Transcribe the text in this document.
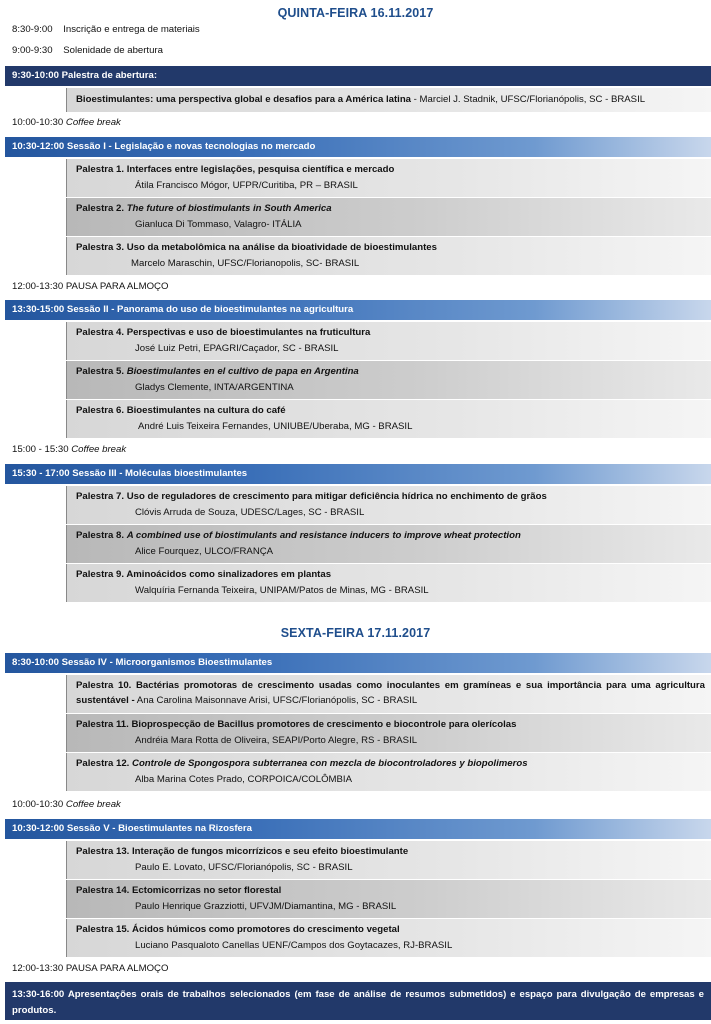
QUINTA-FEIRA 16.11.2017
8:30-9:00 Inscrição e entrega de materiais
9:00-9:30 Solenidade de abertura
9:30-10:00 Palestra de abertura:
Bioestimulantes: uma perspectiva global e desafios para a América latina - Marciel J. Stadnik, UFSC/Florianópolis, SC - BRASIL
10:00-10:30 Coffee break
10:30-12:00 Sessão I - Legislação e novas tecnologias no mercado
Palestra 1. Interfaces entre legislações, pesquisa científica e mercado
Átila Francisco Mógor, UFPR/Curitiba, PR – BRASIL
Palestra 2. The future of biostimulants in South America
Gianluca Di Tommaso, Valagro- ITÁLIA
Palestra 3. Uso da metabolômica na análise da bioatividade de bioestimulantes
Marcelo Maraschin, UFSC/Florianopolis, SC- BRASIL
12:00-13:30 PAUSA PARA ALMOÇO
13:30-15:00 Sessão II - Panorama do uso de bioestimulantes na agricultura
Palestra 4. Perspectivas e uso de bioestimulantes na fruticultura
José Luiz Petri, EPAGRI/Caçador, SC - BRASIL
Palestra 5. Bioestimulantes en el cultivo de papa en Argentina
Gladys Clemente, INTA/ARGENTINA
Palestra 6. Bioestimulantes na cultura do café
André Luis Teixeira Fernandes, UNIUBE/Uberaba, MG - BRASIL
15:00 - 15:30 Coffee break
15:30 - 17:00 Sessão III - Moléculas bioestimulantes
Palestra 7. Uso de reguladores de crescimento para mitigar deficiência hídrica no enchimento de grãos
Clóvis Arruda de Souza, UDESC/Lages, SC - BRASIL
Palestra 8. A combined use of biostimulants and resistance inducers to improve wheat protection
Alice Fourquez, ULCO/FRANÇA
Palestra 9. Aminoácidos como sinalizadores em plantas
Walquíria Fernanda Teixeira, UNIPAM/Patos de Minas, MG - BRASIL
SEXTA-FEIRA 17.11.2017
8:30-10:00 Sessão IV - Microorganismos Bioestimulantes
Palestra 10. Bactérias promotoras de crescimento usadas como inoculantes em gramíneas e sua importância para uma agricultura sustentável - Ana Carolina Maisonnave Arisi, UFSC/Florianópolis, SC - BRASIL
Palestra 11. Bioprospecção de Bacillus promotores de crescimento e biocontrole para olerícolas
Andréia Mara Rotta de Oliveira, SEAPI/Porto Alegre, RS - BRASIL
Palestra 12. Controle de Spongospora subterranea con mezcla de biocontroladores y biopolimeros
Alba Marina Cotes Prado, CORPOICA/COLÔMBIA
10:00-10:30 Coffee break
10:30-12:00 Sessão V - Bioestimulantes na Rizosfera
Palestra 13. Interação de fungos micorrízicos e seu efeito bioestimulante
Paulo E. Lovato, UFSC/Florianópolis, SC - BRASIL
Palestra 14. Ectomicorrizas no setor florestal
Paulo Henrique Grazziotti, UFVJM/Diamantina, MG - BRASIL
Palestra 15. Ácidos húmicos como promotores do crescimento vegetal
Luciano Pasqualoto Canellas UENF/Campos dos Goytacazes, RJ-BRASIL
12:00-13:30 PAUSA PARA ALMOÇO
13:30-16:00 Apresentações orais de trabalhos selecionados (em fase de análise de resumos submetidos) e espaço para divulgação de empresas e produtos.
